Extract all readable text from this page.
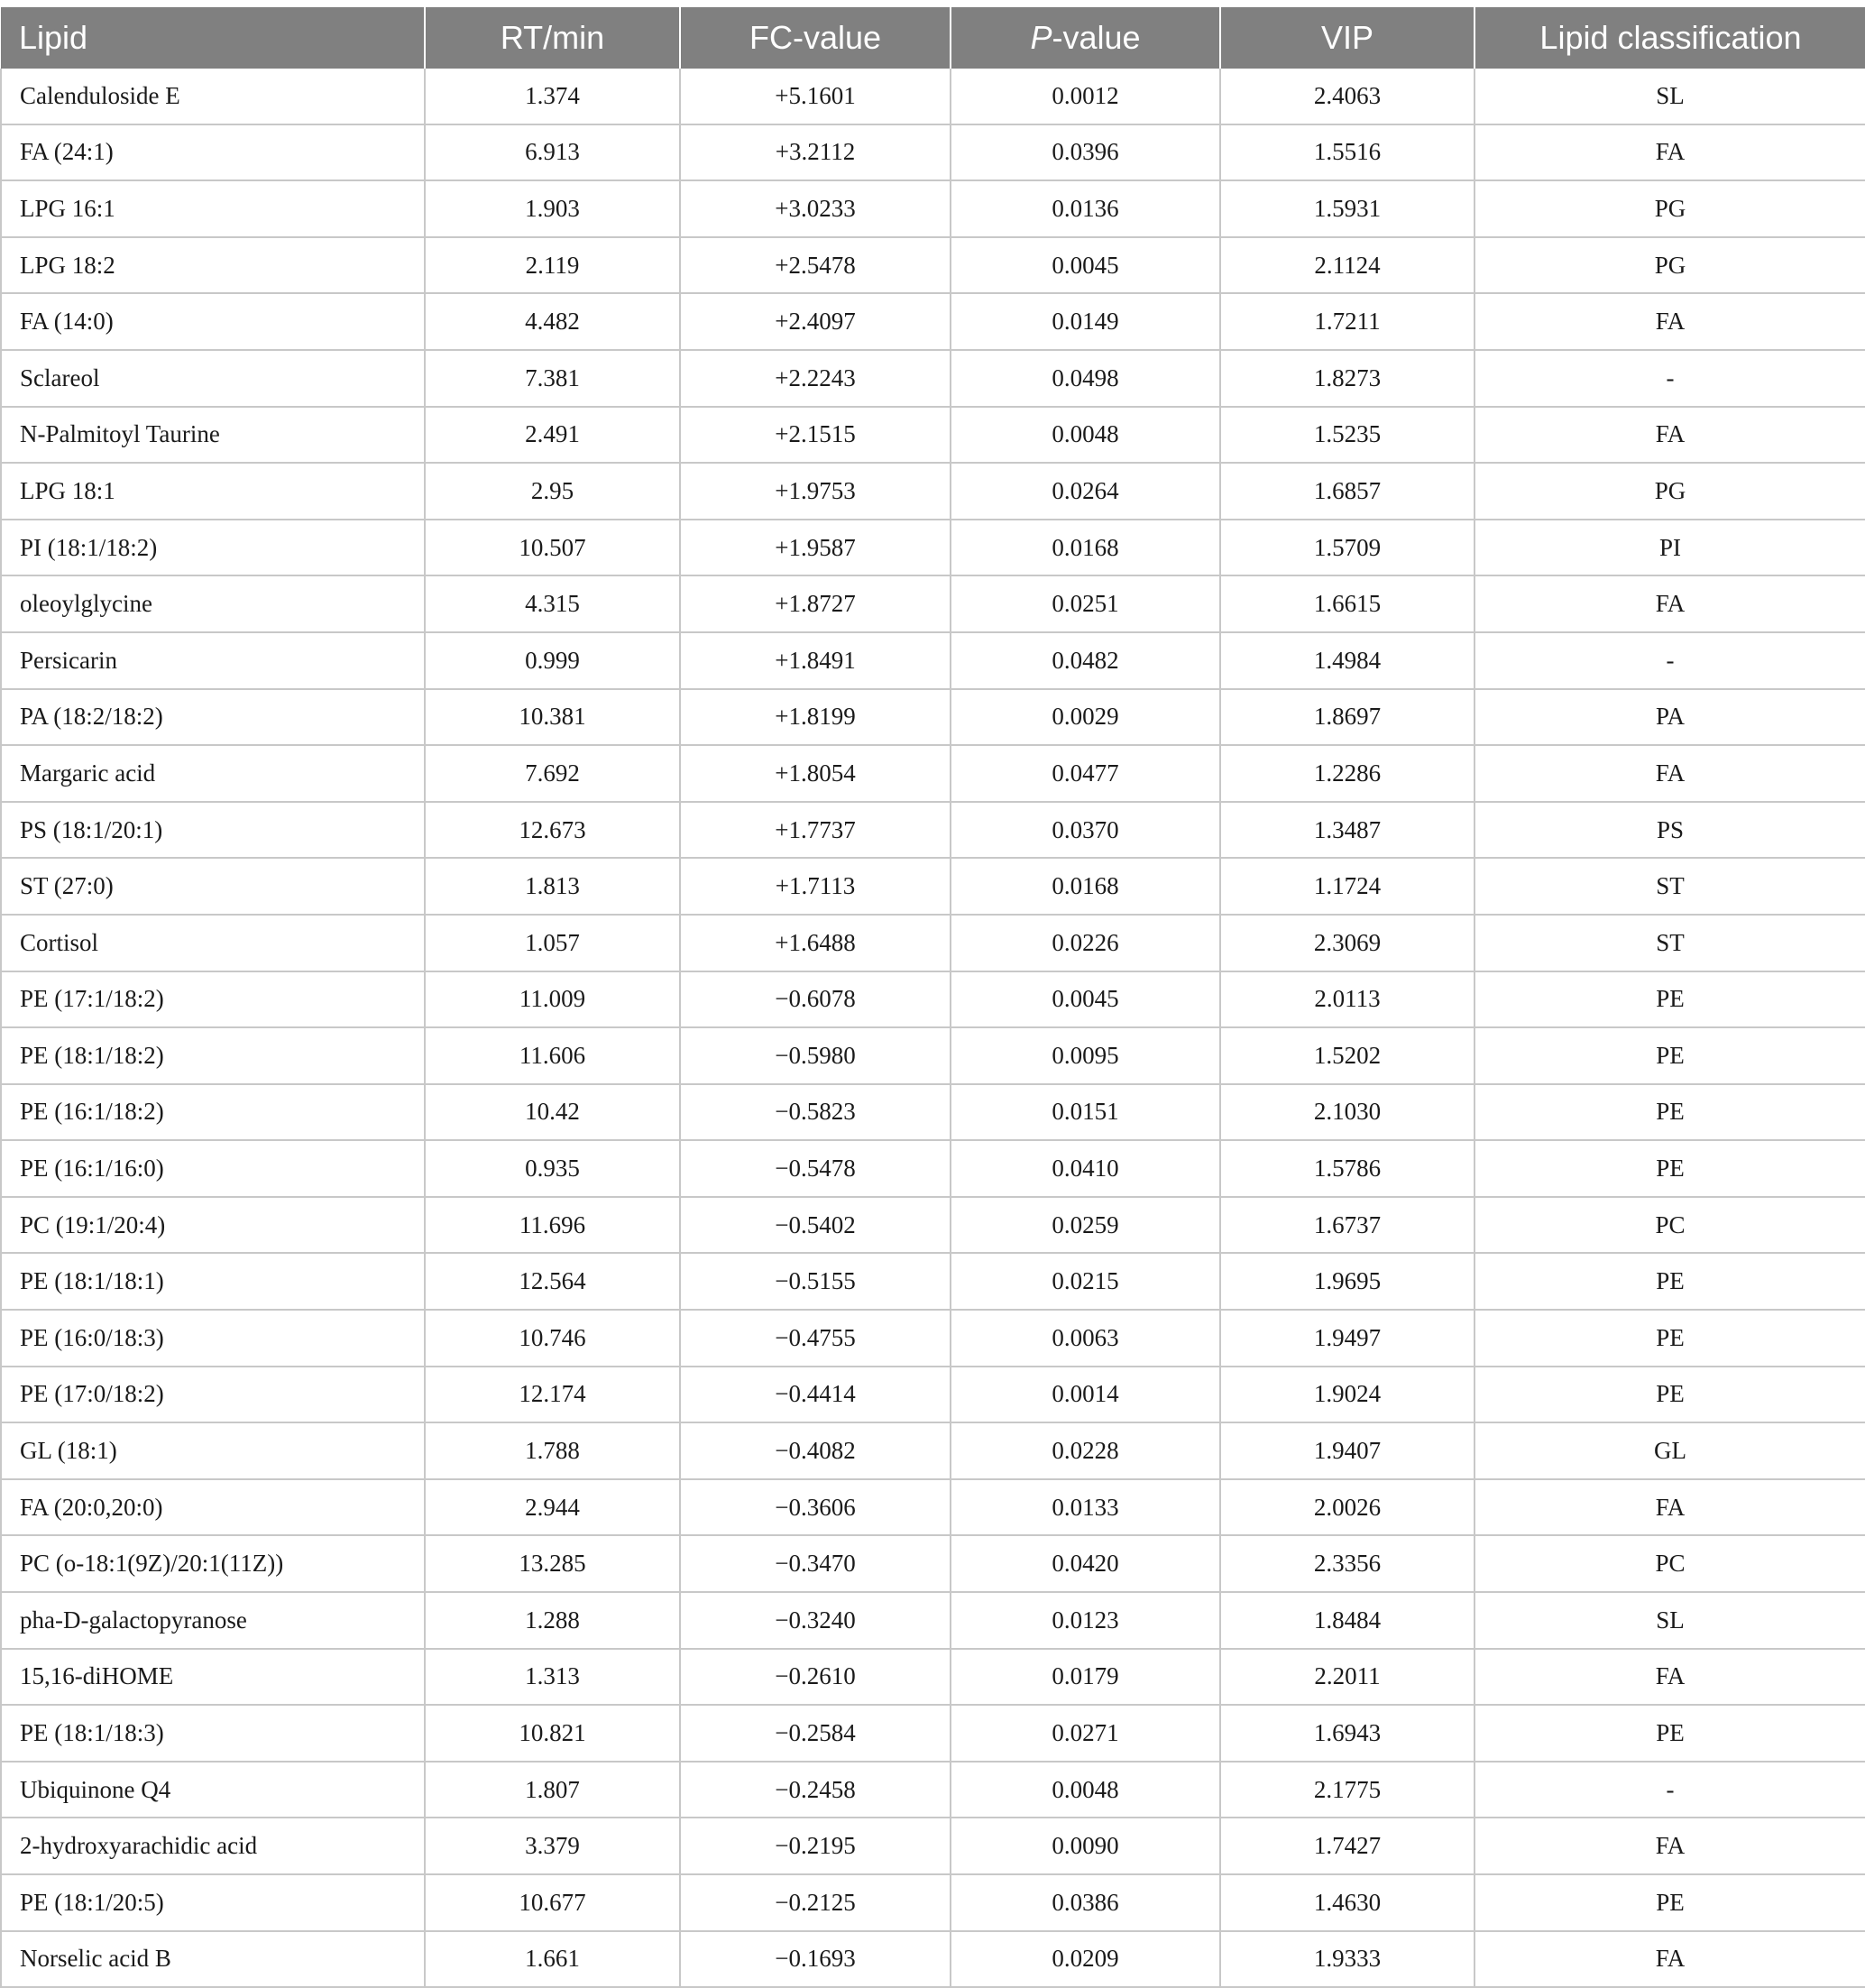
Lipid	RT/min	FC-value	P-value	VIP	Lipid classification
Calenduloside E	1.374	+5.1601	0.0012	2.4063	SL
FA (24:1)	6.913	+3.2112	0.0396	1.5516	FA
LPG 16:1	1.903	+3.0233	0.0136	1.5931	PG
LPG 18:2	2.119	+2.5478	0.0045	2.1124	PG
FA (14:0)	4.482	+2.4097	0.0149	1.7211	FA
Sclareol	7.381	+2.2243	0.0498	1.8273	-
N-Palmitoyl Taurine	2.491	+2.1515	0.0048	1.5235	FA
LPG 18:1	2.95	+1.9753	0.0264	1.6857	PG
PI (18:1/18:2)	10.507	+1.9587	0.0168	1.5709	PI
oleoylglycine	4.315	+1.8727	0.0251	1.6615	FA
Persicarin	0.999	+1.8491	0.0482	1.4984	-
PA (18:2/18:2)	10.381	+1.8199	0.0029	1.8697	PA
Margaric acid	7.692	+1.8054	0.0477	1.2286	FA
PS (18:1/20:1)	12.673	+1.7737	0.0370	1.3487	PS
ST (27:0)	1.813	+1.7113	0.0168	1.1724	ST
Cortisol	1.057	+1.6488	0.0226	2.3069	ST
PE (17:1/18:2)	11.009	−0.6078	0.0045	2.0113	PE
PE (18:1/18:2)	11.606	−0.5980	0.0095	1.5202	PE
PE (16:1/18:2)	10.42	−0.5823	0.0151	2.1030	PE
PE (16:1/16:0)	0.935	−0.5478	0.0410	1.5786	PE
PC (19:1/20:4)	11.696	−0.5402	0.0259	1.6737	PC
PE (18:1/18:1)	12.564	−0.5155	0.0215	1.9695	PE
PE (16:0/18:3)	10.746	−0.4755	0.0063	1.9497	PE
PE (17:0/18:2)	12.174	−0.4414	0.0014	1.9024	PE
GL (18:1)	1.788	−0.4082	0.0228	1.9407	GL
FA (20:0,20:0)	2.944	−0.3606	0.0133	2.0026	FA
PC (o-18:1(9Z)/20:1(11Z))	13.285	−0.3470	0.0420	2.3356	PC
pha-D-galactopyranose	1.288	−0.3240	0.0123	1.8484	SL
15,16-diHOME	1.313	−0.2610	0.0179	2.2011	FA
PE (18:1/18:3)	10.821	−0.2584	0.0271	1.6943	PE
Ubiquinone Q4	1.807	−0.2458	0.0048	2.1775	-
2-hydroxyarachidic acid	3.379	−0.2195	0.0090	1.7427	FA
PE (18:1/20:5)	10.677	−0.2125	0.0386	1.4630	PE
Norselic acid B	1.661	−0.1693	0.0209	1.9333	FA
